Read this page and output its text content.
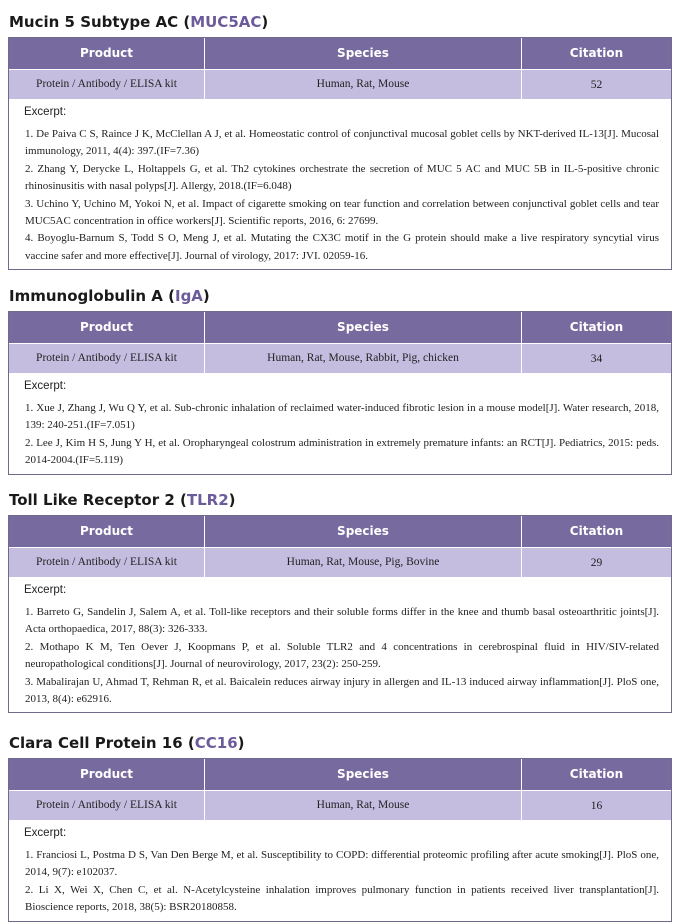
Mucin 5 Subtype AC (MUC5AC)
Product	Species	Citation
Protein / Antibody / ELISA kit	Human, Rat, Mouse	52
Excerpt:

1. De Paiva C S, Raince J K, McClellan A J, et al. Homeostatic control of conjunctival mucosal goblet cells by NKT-derived IL-13[J]. Mucosal immunology, 2011, 4(4): 397.(IF=7.36)

2. Zhang Y, Derycke L, Holtappels G, et al. Th2 cytokines orchestrate the secretion of MUC 5 AC and MUC 5B in IL-5-positive chronic rhinosinusitis with nasal polyps[J]. Allergy, 2018.(IF=6.048)

3. Uchino Y, Uchino M, Yokoi N, et al. Impact of cigarette smoking on tear function and correlation between conjunctival goblet cells and tear MUC5AC concentration in office workers[J]. Scientific reports, 2016, 6: 27699.

4. Boyoglu-Barnum S, Todd S O, Meng J, et al. Mutating the CX3C motif in the G protein should make a live respiratory syncytial virus vaccine safer and more effective[J]. Journal of virology, 2017: JVI. 02059-16.

Immunoglobulin A (IgA)
Product	Species	Citation
Protein / Antibody / ELISA kit	Human, Rat, Mouse, Rabbit, Pig, chicken	34
Excerpt:

1. Xue J, Zhang J, Wu Q Y, et al. Sub-chronic inhalation of reclaimed water-induced fibrotic lesion in a mouse model[J]. Water research, 2018, 139: 240-251.(IF=7.051)

2. Lee J, Kim H S, Jung Y H, et al. Oropharyngeal colostrum administration in extremely premature infants: an RCT[J]. Pediatrics, 2015: peds. 2014-2004.(IF=5.119)

Toll Like Receptor 2 (TLR2)
Product	Species	Citation
Protein / Antibody / ELISA kit	Human, Rat, Mouse, Pig, Bovine	29
Excerpt:

1. Barreto G, Sandelin J, Salem A, et al. Toll-like receptors and their soluble forms differ in the knee and thumb basal osteoarthritic joints[J]. Acta orthopaedica, 2017, 88(3): 326-333.

2. Mothapo K M, Ten Oever J, Koopmans P, et al. Soluble TLR2 and 4 concentrations in cerebrospinal fluid in HIV/SIV-related neuropathological conditions[J]. Journal of neurovirology, 2017, 23(2): 250-259.

3. Mabalirajan U, Ahmad T, Rehman R, et al. Baicalein reduces airway injury in allergen and IL-13 induced airway inflammation[J]. PloS one, 2013, 8(4): e62916.

Clara Cell Protein 16 (CC16)
Product	Species	Citation
Protein / Antibody / ELISA kit	Human, Rat, Mouse	16
Excerpt:

1. Franciosi L, Postma D S, Van Den Berge M, et al. Susceptibility to COPD: differential proteomic profiling after acute smoking[J]. PloS one, 2014, 9(7): e102037.

2. Li X, Wei X, Chen C, et al. N-Acetylcysteine inhalation improves pulmonary function in patients received liver transplantation[J]. Bioscience reports, 2018, 38(5): BSR20180858.
